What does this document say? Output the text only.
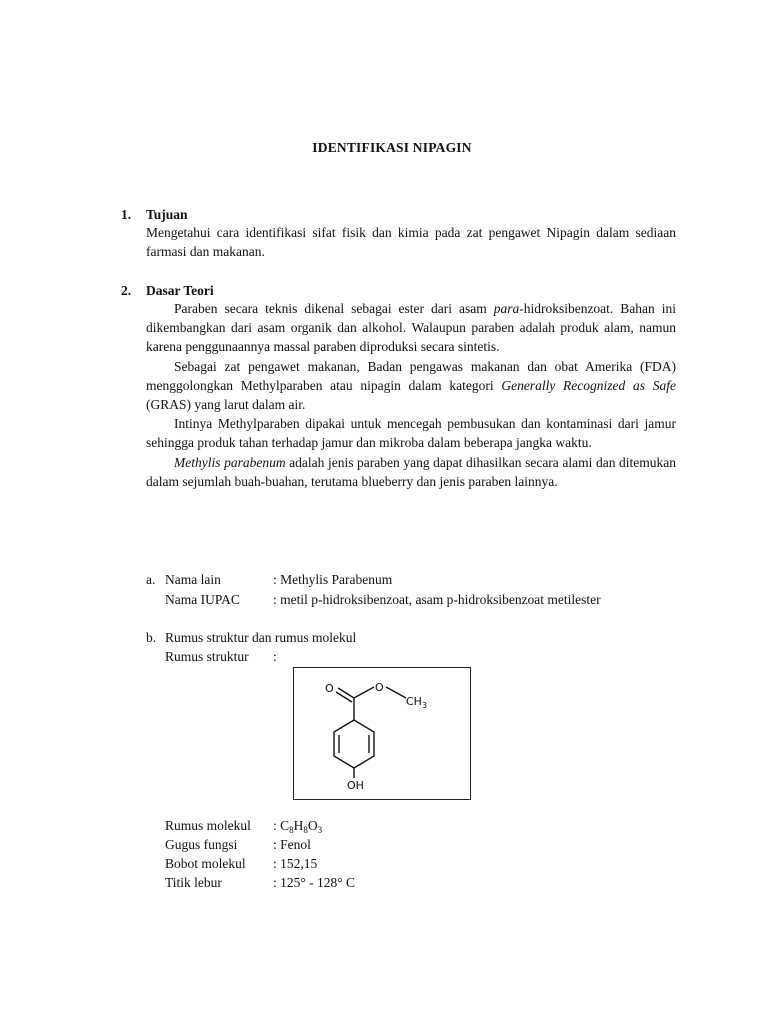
IDENTIFIKASI NIPAGIN
1. Tujuan

Mengetahui cara identifikasi sifat fisik dan kimia pada zat pengawet Nipagin dalam sediaan farmasi dan makanan.

2. Dasar Teori

Paraben secara teknis dikenal sebagai ester dari asam para-hidroksibenzoat. Bahan ini dikembangkan dari asam organik dan alkohol. Walaupun paraben adalah produk alam, namun karena penggunaannya massal paraben diproduksi secara sintetis.

Sebagai zat pengawet makanan, Badan pengawas makanan dan obat Amerika (FDA) menggolongkan Methylparaben atau nipagin dalam kategori Generally Recognized as Safe (GRAS) yang larut dalam air.

Intinya Methylparaben dipakai untuk mencegah pembusukan dan kontaminasi dari jamur sehingga produk tahan terhadap jamur dan mikroba dalam beberapa jangka waktu.

Methylis parabenum adalah jenis paraben yang dapat dihasilkan secara alami dan ditemukan dalam sejumlah buah-buahan, terutama blueberry dan jenis paraben lainnya.

a. Nama lain	: Methylis Parabenum
Nama IUPAC : metil p-hidroksibenzoat, asam p-hidroksibenzoat metilester
b. Rumus struktur dan rumus molekul
Rumus struktur :
O	O
$CH_3$
OH
Rumus molekul : $C_8H_8O_3$
Gugus fungsi	: Fenol
Bobot molekul : 152,15
Titik lebur	: 125° - 128° C
